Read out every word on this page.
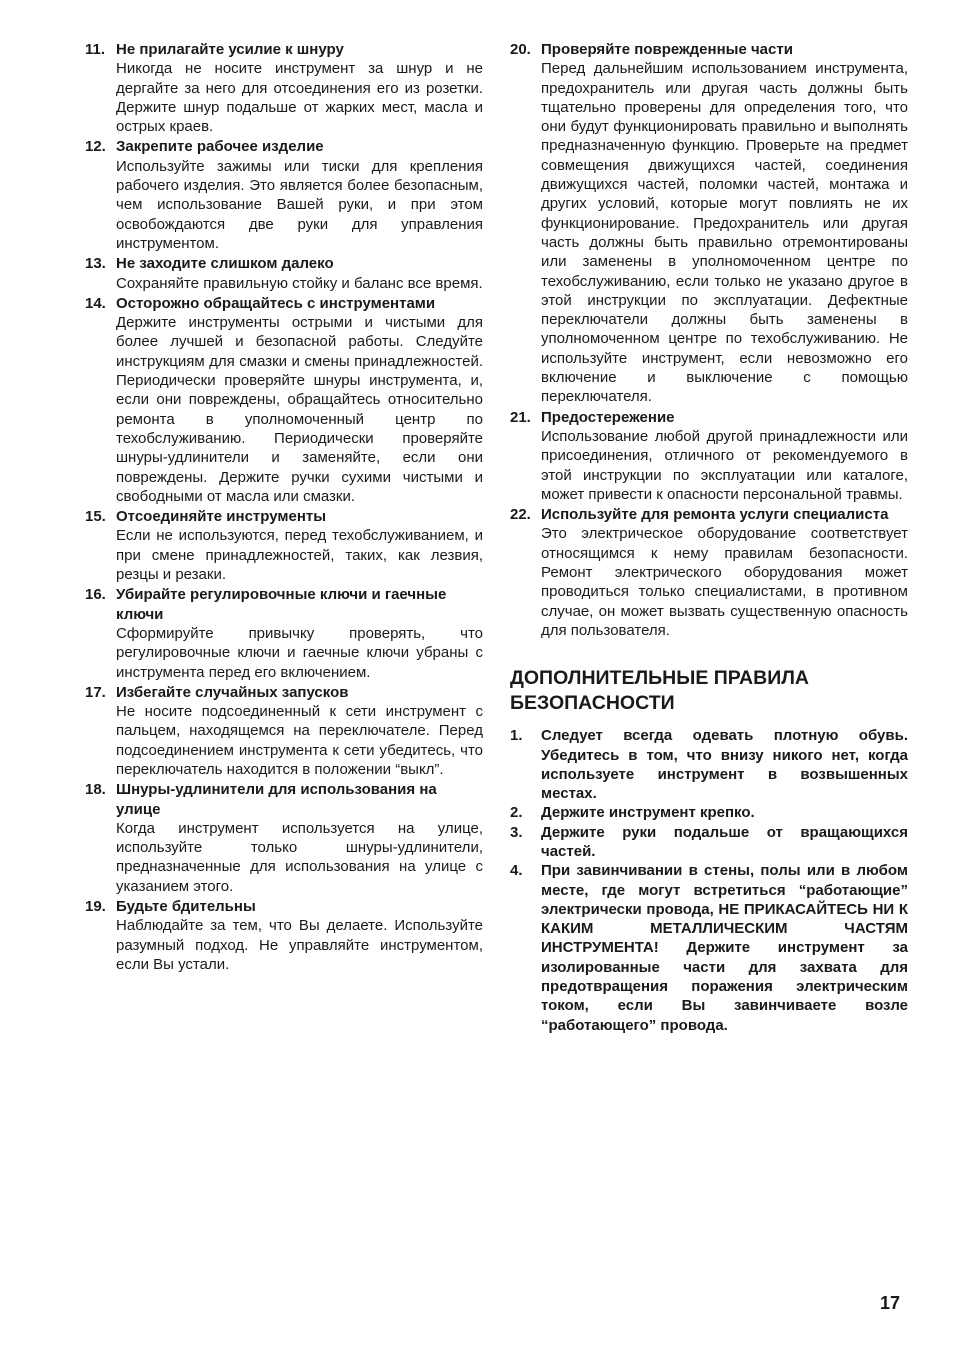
11. Не прилагайте усилие к шнуру
Никогда не носите инструмент за шнур и не дергайте за него для отсоединения его из розетки. Держите шнур подальше от жарких мест, масла и острых краев.
12. Закрепите рабочее изделие
Используйте зажимы или тиски для крепления рабочего изделия. Это является более безопасным, чем использование Вашей руки, и при этом освобождаются две руки для управления инструментом.
13. Не заходите слишком далеко
Сохраняйте правильную стойку и баланс все время.
14. Осторожно обращайтесь с инструментами
Держите инструменты острыми и чистыми для более лучшей и безопасной работы. Следуйте инструкциям для смазки и смены принадлежностей. Периодически проверяйте шнуры инструмента, и, если они повреждены, обращайтесь относительно ремонта в уполномоченный центр по техобслуживанию. Периодически проверяйте шнуры-удлинители и заменяйте, если они повреждены. Держите ручки сухими чистыми и свободными от масла или смазки.
15. Отсоединяйте инструменты
Если не используются, перед техобслуживанием, и при смене принадлежностей, таких, как лезвия, резцы и резаки.
16. Убирайте регулировочные ключи и гаечные ключи
Сформируйте привычку проверять, что регулировочные ключи и гаечные ключи убраны с инструмента перед его включением.
17. Избегайте случайных запусков
Не носите подсоединенный к сети инструмент с пальцем, находящемся на переключателе. Перед подсоединением инструмента к сети убедитесь, что переключатель находится в положении “выкл”.
18. Шнуры-удлинители для использования на улице
Когда инструмент используется на улице, используйте только шнуры-удлинители, предназначенные для использования на улице с указанием этого.
19. Будьте бдительны
Наблюдайте за тем, что Вы делаете. Используйте разумный подход. Не управляйте инструментом, если Вы устали.
20. Проверяйте поврежденные части
Перед дальнейшим использованием инструмента, предохранитель или другая часть должны быть тщательно проверены для определения того, что они будут функционировать правильно и выполнять предназначенную функцию. Проверьте на предмет совмещения движущихся частей, соединения движущихся частей, поломки частей, монтажа и других условий, которые могут повлиять не их функционирование. Предохранитель или другая часть должны быть правильно отремонтированы или заменены в уполномоченном центре по техобслуживанию, если только не указано другое в этой инструкции по эксплуатации. Дефектные переключатели должны быть заменены в уполномоченном центре по техобслуживанию. Не используйте инструмент, если невозможно его включение и выключение с помощью переключателя.
21. Предостережение
Использование любой другой принадлежности или присоединения, отличного от рекомендуемого в этой инструкции по эксплуатации или каталоге, может привести к опасности персональной травмы.
22. Используйте для ремонта услуги специалиста
Это электрическое оборудование соответствует относящимся к нему правилам безопасности. Ремонт электрического оборудования может проводиться только специалистами, в противном случае, он может вызвать существенную опасность для пользователя.
ДОПОЛНИТЕЛЬНЫЕ ПРАВИЛА БЕЗОПАСНОСТИ
1. Следует всегда одевать плотную обувь. Убедитесь в том, что внизу никого нет, когда используете инструмент в возвышенных местах.
2. Держите инструмент крепко.
3. Держите руки подальше от вращающихся частей.
4. При завинчивании в стены, полы или в любом месте, где могут встретиться “работающие” электрически провода, НЕ ПРИКАСАЙТЕСЬ НИ К КАКИМ МЕТАЛЛИЧЕСКИМ ЧАСТЯМ ИНСТРУМЕНТА! Держите инструмент за изолированные части для захвата для предотвращения поражения электрическим током, если Вы завинчиваете возле “работающего” провода.
17
